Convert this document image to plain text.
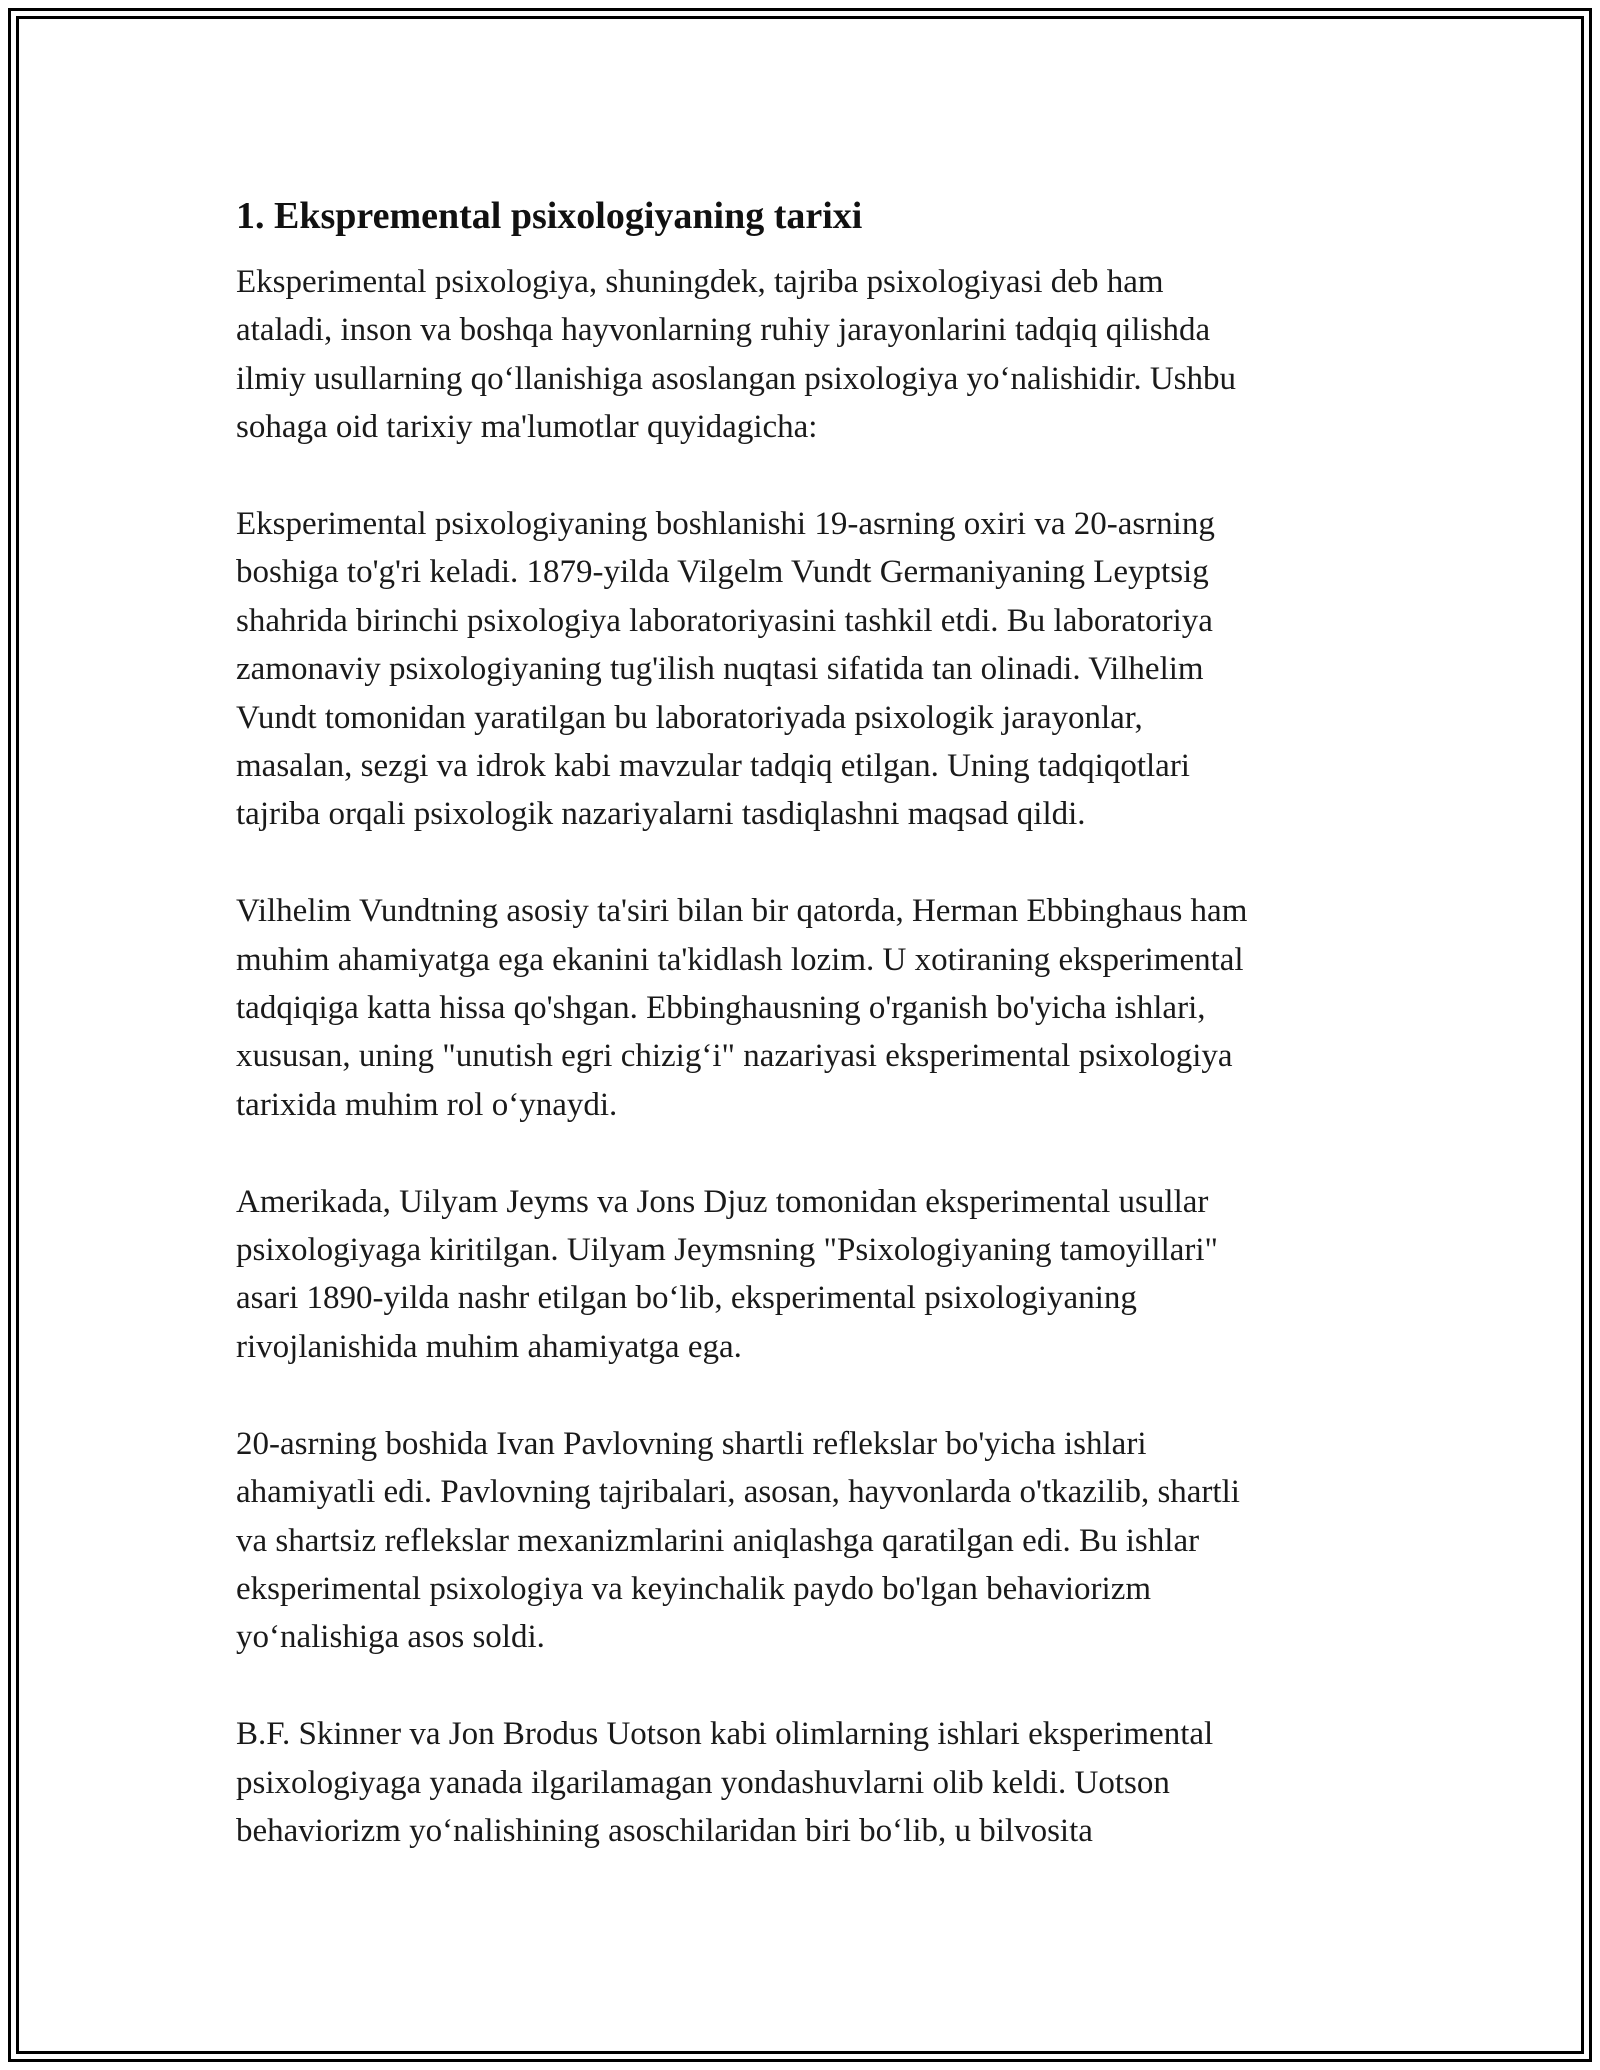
1. Ekspremental psixologiyaning tarixi

Eksperimental psixologiya, shuningdek, tajriba psixologiyasi deb ham
ataladi, inson va boshqa hayvonlarning ruhiy jarayonlarini tadqiq qilishda
ilmiy usullarning qo‘llanishiga asoslangan psixologiya yo‘nalishidir. Ushbu
sohaga oid tarixiy ma'lumotlar quyidagicha:

Eksperimental psixologiyaning boshlanishi 19-asrning oxiri va 20-asrning
boshiga to'g'ri keladi. 1879-yilda Vilgelm Vundt Germaniyaning Leyptsig
shahrida birinchi psixologiya laboratoriyasini tashkil etdi. Bu laboratoriya
zamonaviy psixologiyaning tug'ilish nuqtasi sifatida tan olinadi. Vilhelim
Vundt tomonidan yaratilgan bu laboratoriyada psixologik jarayonlar,
masalan, sezgi va idrok kabi mavzular tadqiq etilgan. Uning tadqiqotlari
tajriba orqali psixologik nazariyalarni tasdiqlashni maqsad qildi.

Vilhelim Vundtning asosiy ta'siri bilan bir qatorda, Herman Ebbinghaus ham
muhim ahamiyatga ega ekanini ta'kidlash lozim. U xotiraning eksperimental
tadqiqiga katta hissa qo'shgan. Ebbinghausning o'rganish bo'yicha ishlari,
xususan, uning "unutish egri chizig‘i" nazariyasi eksperimental psixologiya
tarixida muhim rol o‘ynaydi.

Amerikada, Uilyam Jeyms va Jons Djuz tomonidan eksperimental usullar
psixologiyaga kiritilgan. Uilyam Jeymsning "Psixologiyaning tamoyillari"
asari 1890-yilda nashr etilgan bo‘lib, eksperimental psixologiyaning
rivojlanishida muhim ahamiyatga ega.

20-asrning boshida Ivan Pavlovning shartli reflekslar bo'yicha ishlari
ahamiyatli edi. Pavlovning tajribalari, asosan, hayvonlarda o'tkazilib, shartli
va shartsiz reflekslar mexanizmlarini aniqlashga qaratilgan edi. Bu ishlar
eksperimental psixologiya va keyinchalik paydo bo'lgan behaviorizm
yo‘nalishiga asos soldi.

B.F. Skinner va Jon Brodus Uotson kabi olimlarning ishlari eksperimental
psixologiyaga yanada ilgarilamagan yondashuvlarni olib keldi. Uotson
behaviorizm yo‘nalishining asoschilaridan biri bo‘lib, u bilvosita
